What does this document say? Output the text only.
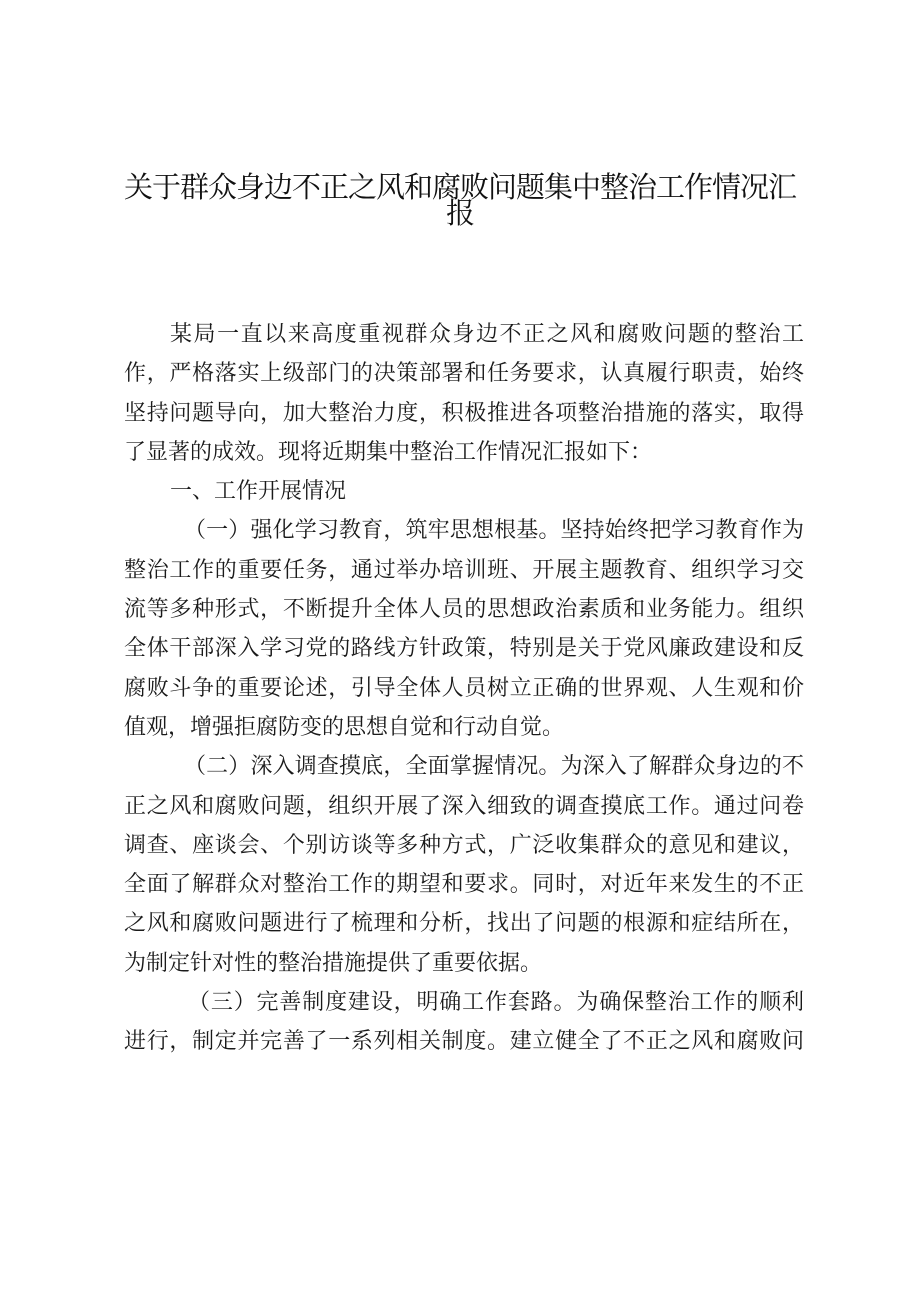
关于群众身边不正之风和腐败问题集中整治工作情况汇
报
某局一直以来高度重视群众身边不正之风和腐败问题的整治工
作，严格落实上级部门的决策部署和任务要求，认真履行职责，始终
坚持问题导向，加大整治力度，积极推进各项整治措施的落实，取得
了显著的成效。现将近期集中整治工作情况汇报如下：
一、工作开展情况
（一）强化学习教育，筑牢思想根基。坚持始终把学习教育作为
整治工作的重要任务，通过举办培训班、开展主题教育、组织学习交
流等多种形式，不断提升全体人员的思想政治素质和业务能力。组织
全体干部深入学习党的路线方针政策，特别是关于党风廉政建设和反
腐败斗争的重要论述，引导全体人员树立正确的世界观、人生观和价
值观，增强拒腐防变的思想自觉和行动自觉。
（二）深入调查摸底，全面掌握情况。为深入了解群众身边的不
正之风和腐败问题，组织开展了深入细致的调查摸底工作。通过问卷
调查、座谈会、个别访谈等多种方式，广泛收集群众的意见和建议，
全面了解群众对整治工作的期望和要求。同时，对近年来发生的不正
之风和腐败问题进行了梳理和分析，找出了问题的根源和症结所在，
为制定针对性的整治措施提供了重要依据。
（三）完善制度建设，明确工作套路。为确保整治工作的顺利
进行，制定并完善了一系列相关制度。建立健全了不正之风和腐败问
